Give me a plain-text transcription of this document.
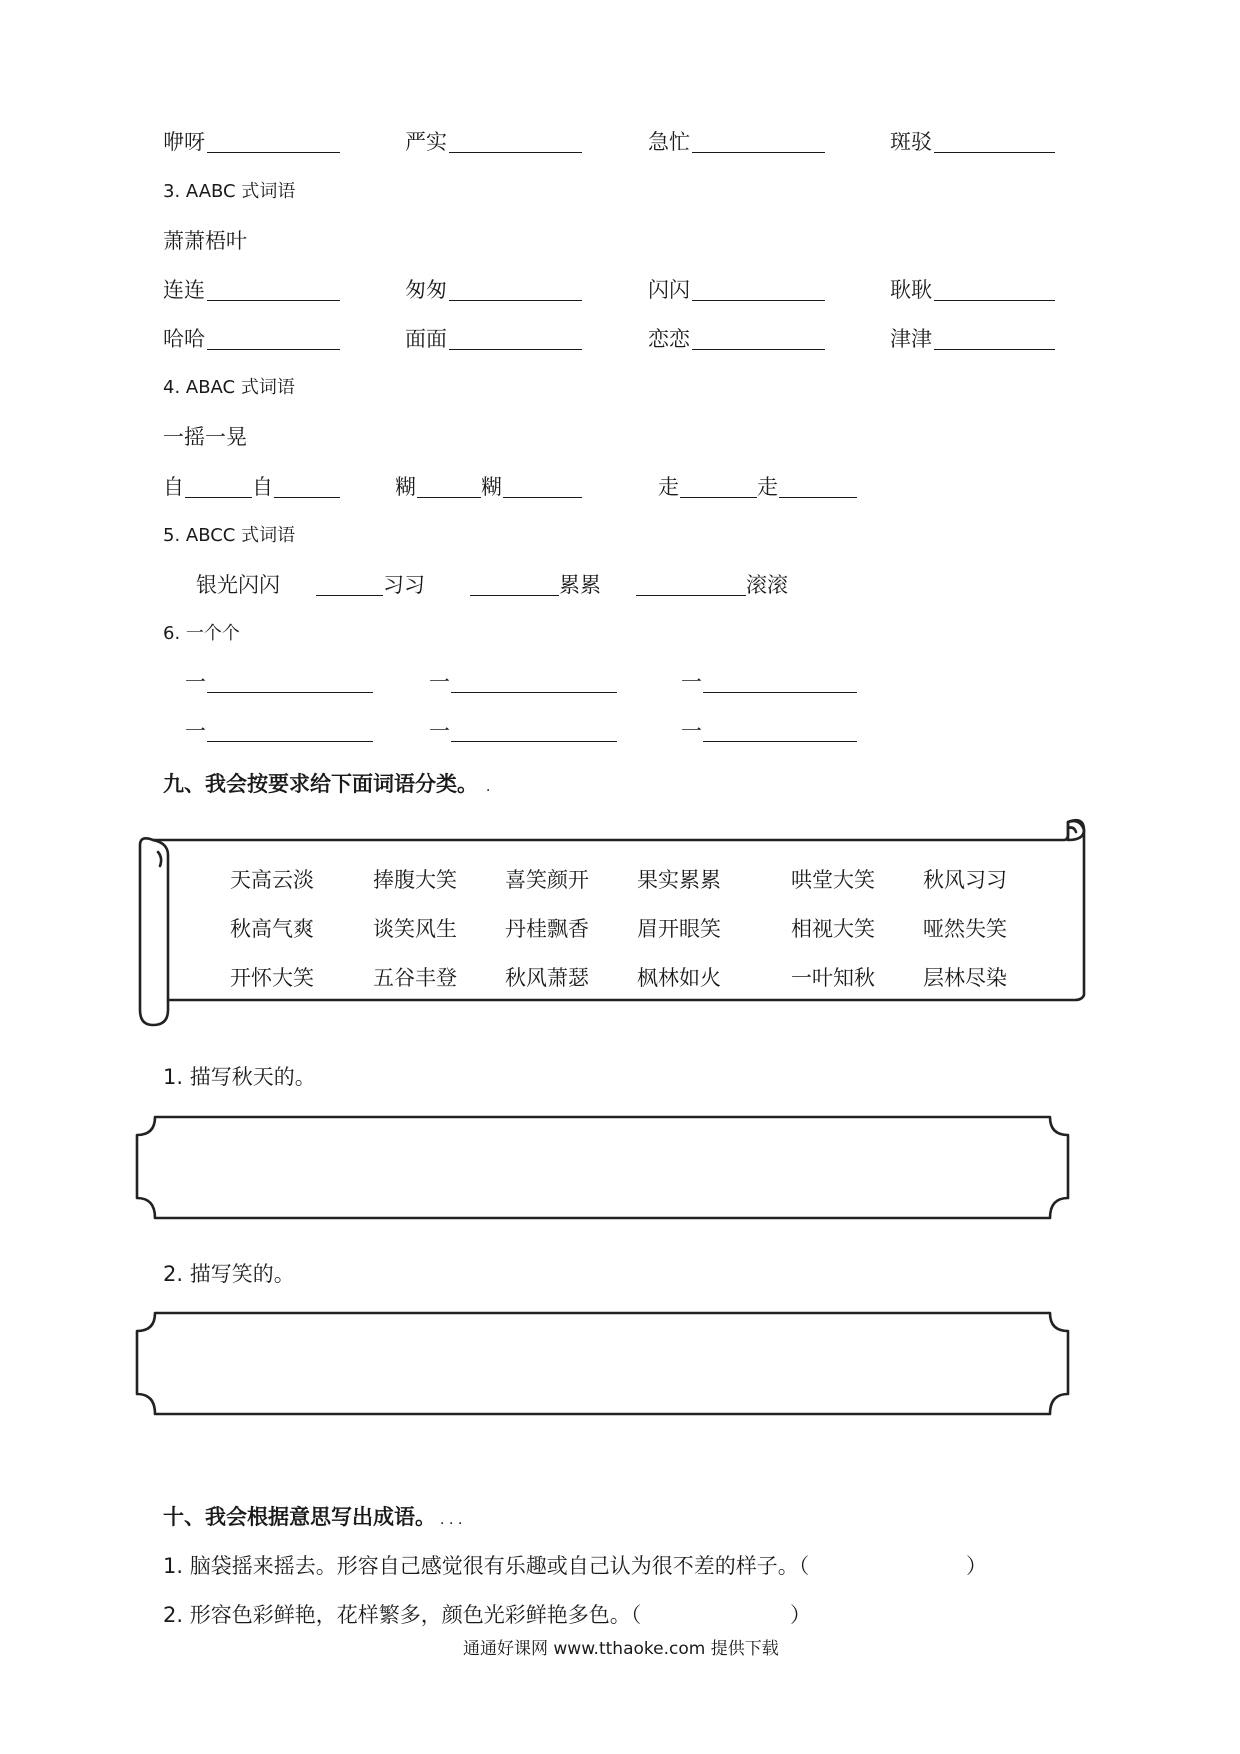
咿呀	严实	急忙	斑驳
3. AABC 式词语
萧萧梧叶
连连	匆匆	闪闪	耿耿
哈哈	面面	恋恋	津津
4. ABAC 式词语
一摇一晃
自	自	糊	糊	走	走
5. ABCC 式词语
银光闪闪	习习	累累	滚滚
6. 一个个
一	一	一
一	一	一
九、我会按要求给下面词语分类。 ．
天高云淡	捧腹大笑 喜笑颜开 果实累累	哄堂大笑 秋风习习
秋高气爽	谈笑风生 丹桂飘香 眉开眼笑	相视大笑 哑然失笑
开怀大笑	五谷丰登 秋风萧瑟 枫林如火	一叶知秋 层林尽染
1. 描写秋天的。
2. 描写笑的。
十、我会根据意思写出成语。 ．．．
1. 脑袋摇来摇去。形容自己感觉很有乐趣或自己认为很不差的样子。（	）
2. 形容色彩鲜艳，花样繁多，颜色光彩鲜艳多色。（	）
通通好课网 www.tthaoke.com 提供下载
